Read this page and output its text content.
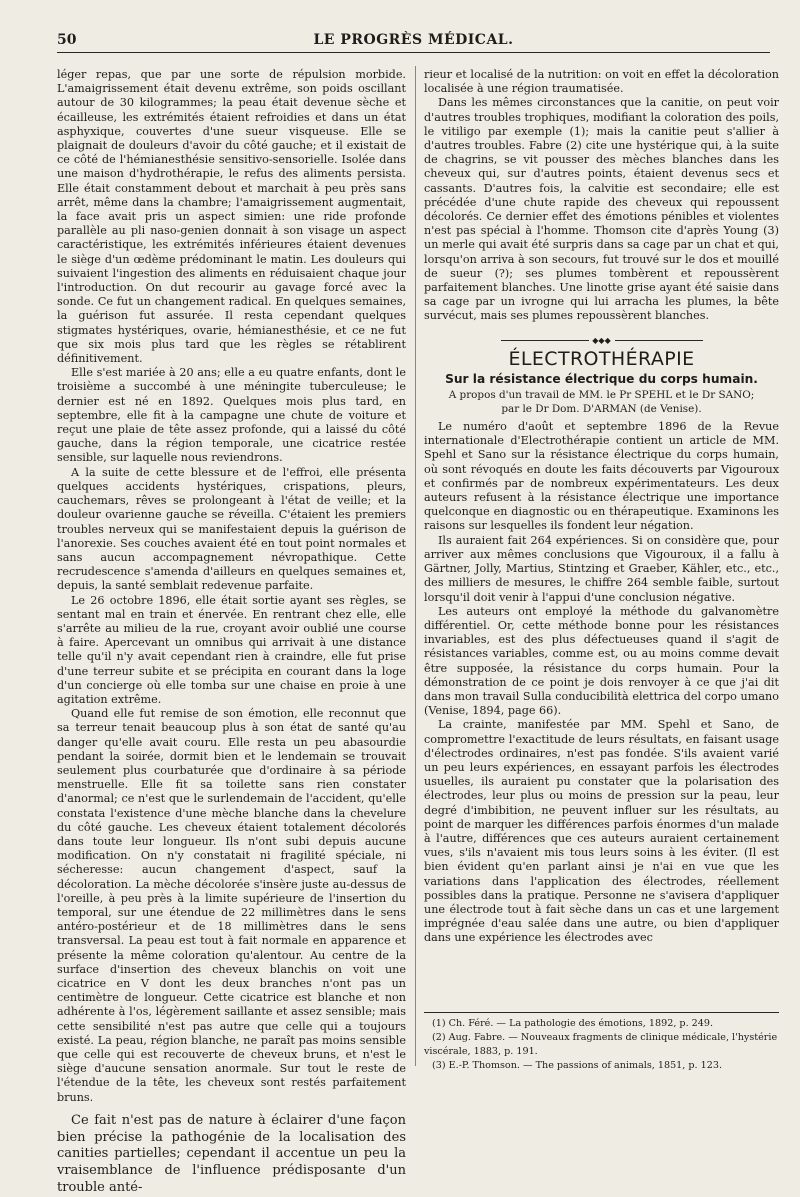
50	LE PROGRÈS MÉDICAL.

léger repas, que par une sorte de répulsion morbide. L'amaigrissement était devenu extrême, son poids oscillant autour de 30 kilogrammes; la peau était devenue sèche et écailleuse, les extrémités étaient refroidies et dans un état asphyxique, couvertes d'une sueur visqueuse. Elle se plaignait de douleurs d'avoir du côté gauche; et il existait de ce côté de l'hémianesthésie sensitivo-sensorielle. Isolée dans une maison d'hydrothérapie, le refus des aliments persista. Elle était constamment debout et marchait à peu près sans arrêt, même dans la chambre; l'amaigrissement augmentait, la face avait pris un aspect simien: une ride profonde parallèle au pli naso-genien donnait à son visage un aspect caractéristique, les extrémités inférieures étaient devenues le siège d'un œdème prédominant le matin. Les douleurs qui suivaient l'ingestion des aliments en réduisaient chaque jour l'introduction. On dut recourir au gavage forcé avec la sonde. Ce fut un changement radical. En quelques semaines, la guérison fut assurée. Il resta cependant quelques stigmates hystériques, ovarie, hémianesthésie, et ce ne fut que six mois plus tard que les règles se rétablirent définitivement.

Elle s'est mariée à 20 ans; elle a eu quatre enfants, dont le troisième a succombé à une méningite tuberculeuse; le dernier est né en 1892. Quelques mois plus tard, en septembre, elle fit à la campagne une chute de voiture et reçut une plaie de tête assez profonde, qui a laissé du côté gauche, dans la région temporale, une cicatrice restée sensible, sur laquelle nous reviendrons.

A la suite de cette blessure et de l'effroi, elle présenta quelques accidents hystériques, crispations, pleurs, cauchemars, rêves se prolongeant à l'état de veille; et la douleur ovarienne gauche se réveilla. C'étaient les premiers troubles nerveux qui se manifestaient depuis la guérison de l'anorexie. Ses couches avaient été en tout point normales et sans aucun accompagnement névropathique. Cette recrudescence s'amenda d'ailleurs en quelques semaines et, depuis, la santé semblait redevenue parfaite.

Le 26 octobre 1896, elle était sortie ayant ses règles, se sentant mal en train et énervée. En rentrant chez elle, elle s'arrête au milieu de la rue, croyant avoir oublié une course à faire. Apercevant un omnibus qui arrivait à une distance telle qu'il n'y avait cependant rien à craindre, elle fut prise d'une terreur subite et se précipita en courant dans la loge d'un concierge où elle tomba sur une chaise en proie à une agitation extrême.

Quand elle fut remise de son émotion, elle reconnut que sa terreur tenait beaucoup plus à son état de santé qu'au danger qu'elle avait couru. Elle resta un peu abasourdie pendant la soirée, dormit bien et le lendemain se trouvait seulement plus courbaturée que d'ordinaire à sa période menstruelle. Elle fit sa toilette sans rien constater d'anormal; ce n'est que le surlendemain de l'accident, qu'elle constata l'existence d'une mèche blanche dans la chevelure du côté gauche. Les cheveux étaient totalement décolorés dans toute leur longueur. Ils n'ont subi depuis aucune modification. On n'y constatait ni fragilité spéciale, ni sécheresse: aucun changement d'aspect, sauf la décoloration. La mèche décolorée s'insère juste au-dessus de l'oreille, à peu près à la limite supérieure de l'insertion du temporal, sur une étendue de 22 millimètres dans le sens antéro-postérieur et de 18 millimètres dans le sens transversal. La peau est tout à fait normale en apparence et présente la même coloration qu'alentour. Au centre de la surface d'insertion des cheveux blanchis on voit une cicatrice en V dont les deux branches n'ont pas un centimètre de longueur. Cette cicatrice est blanche et non adhérente à l'os, légèrement saillante et assez sensible; mais cette sensibilité n'est pas autre que celle qui a toujours existé. La peau, région blanche, ne paraît pas moins sensible que celle qui est recouverte de cheveux bruns, et n'est le siège d'aucune sensation anormale. Sur tout le reste de l'étendue de la tête, les cheveux sont restés parfaitement bruns.

Ce fait n'est pas de nature à éclairer d'une façon bien précise la pathogénie de la localisation des canities partielles; cependant il accentue un peu la vraisemblance de l'influence prédisposante d'un trouble anté-

rieur et localisé de la nutrition: on voit en effet la décoloration localisée à une région traumatisée.

Dans les mêmes circonstances que la canitie, on peut voir d'autres troubles trophiques, modifiant la coloration des poils, le vitiligo par exemple (1); mais la canitie peut s'allier à d'autres troubles. Fabre (2) cite une hystérique qui, à la suite de chagrins, se vit pousser des mèches blanches dans les cheveux qui, sur d'autres points, étaient devenus secs et cassants. D'autres fois, la calvitie est secondaire; elle est précédée d'une chute rapide des cheveux qui repoussent décolorés. Ce dernier effet des émotions pénibles et violentes n'est pas spécial à l'homme. Thomson cite d'après Young (3) un merle qui avait été surpris dans sa cage par un chat et qui, lorsqu'on arriva à son secours, fut trouvé sur le dos et mouillé de sueur (?); ses plumes tombèrent et repoussèrent parfaitement blanches. Une linotte grise ayant été saisie dans sa cage par un ivrogne qui lui arracha les plumes, la bête survécut, mais ses plumes repoussèrent blanches.

◆◆◆
ÉLECTROTHÉRAPIE
Sur la résistance électrique du corps humain.
A propos d'un travail de MM. le Pr SPEHL et le Dr SANO;
par le Dr Dom. D'ARMAN (de Venise).

Le numéro d'août et septembre 1896 de la Revue internationale d'Electrothérapie contient un article de MM. Spehl et Sano sur la résistance électrique du corps humain, où sont révoqués en doute les faits découverts par Vigouroux et confirmés par de nombreux expérimentateurs. Les deux auteurs refusent à la résistance électrique une importance quelconque en diagnostic ou en thérapeutique. Examinons les raisons sur lesquelles ils fondent leur négation.

Ils auraient fait 264 expériences. Si on considère que, pour arriver aux mêmes conclusions que Vigouroux, il a fallu à Gärtner, Jolly, Martius, Stintzing et Graeber, Kähler, etc., etc., des milliers de mesures, le chiffre 264 semble faible, surtout lorsqu'il doit venir à l'appui d'une conclusion négative.

Les auteurs ont employé la méthode du galvanomètre différentiel. Or, cette méthode bonne pour les résistances invariables, est des plus défectueuses quand il s'agit de résistances variables, comme est, ou au moins comme devait être supposée, la résistance du corps humain. Pour la démonstration de ce point je dois renvoyer à ce que j'ai dit dans mon travail Sulla conducibilità elettrica del corpo umano (Venise, 1894, page 66).

La crainte, manifestée par MM. Spehl et Sano, de compromettre l'exactitude de leurs résultats, en faisant usage d'électrodes ordinaires, n'est pas fondée. S'ils avaient varié un peu leurs expériences, en essayant parfois les électrodes usuelles, ils auraient pu constater que la polarisation des électrodes, leur plus ou moins de pression sur la peau, leur degré d'imbibition, ne peuvent influer sur les résultats, au point de marquer les différences parfois énormes d'un malade à l'autre, différences que ces auteurs auraient certainement vues, s'ils n'avaient mis tous leurs soins à les éviter. (Il est bien évident qu'en parlant ainsi je n'ai en vue que les variations dans l'application des électrodes, réellement possibles dans la pratique. Personne ne s'avisera d'appliquer une électrode tout à fait sèche dans un cas et une largement imprégnée d'eau salée dans une autre, ou bien d'appliquer dans une expérience les électrodes avec

(1) Ch. Féré. — La pathologie des émotions, 1892, p. 249.
(2) Aug. Fabre. — Nouveaux fragments de clinique médicale, l'hystérie viscérale, 1883, p. 191.
(3) E.-P. Thomson. — The passions of animals, 1851, p. 123.
